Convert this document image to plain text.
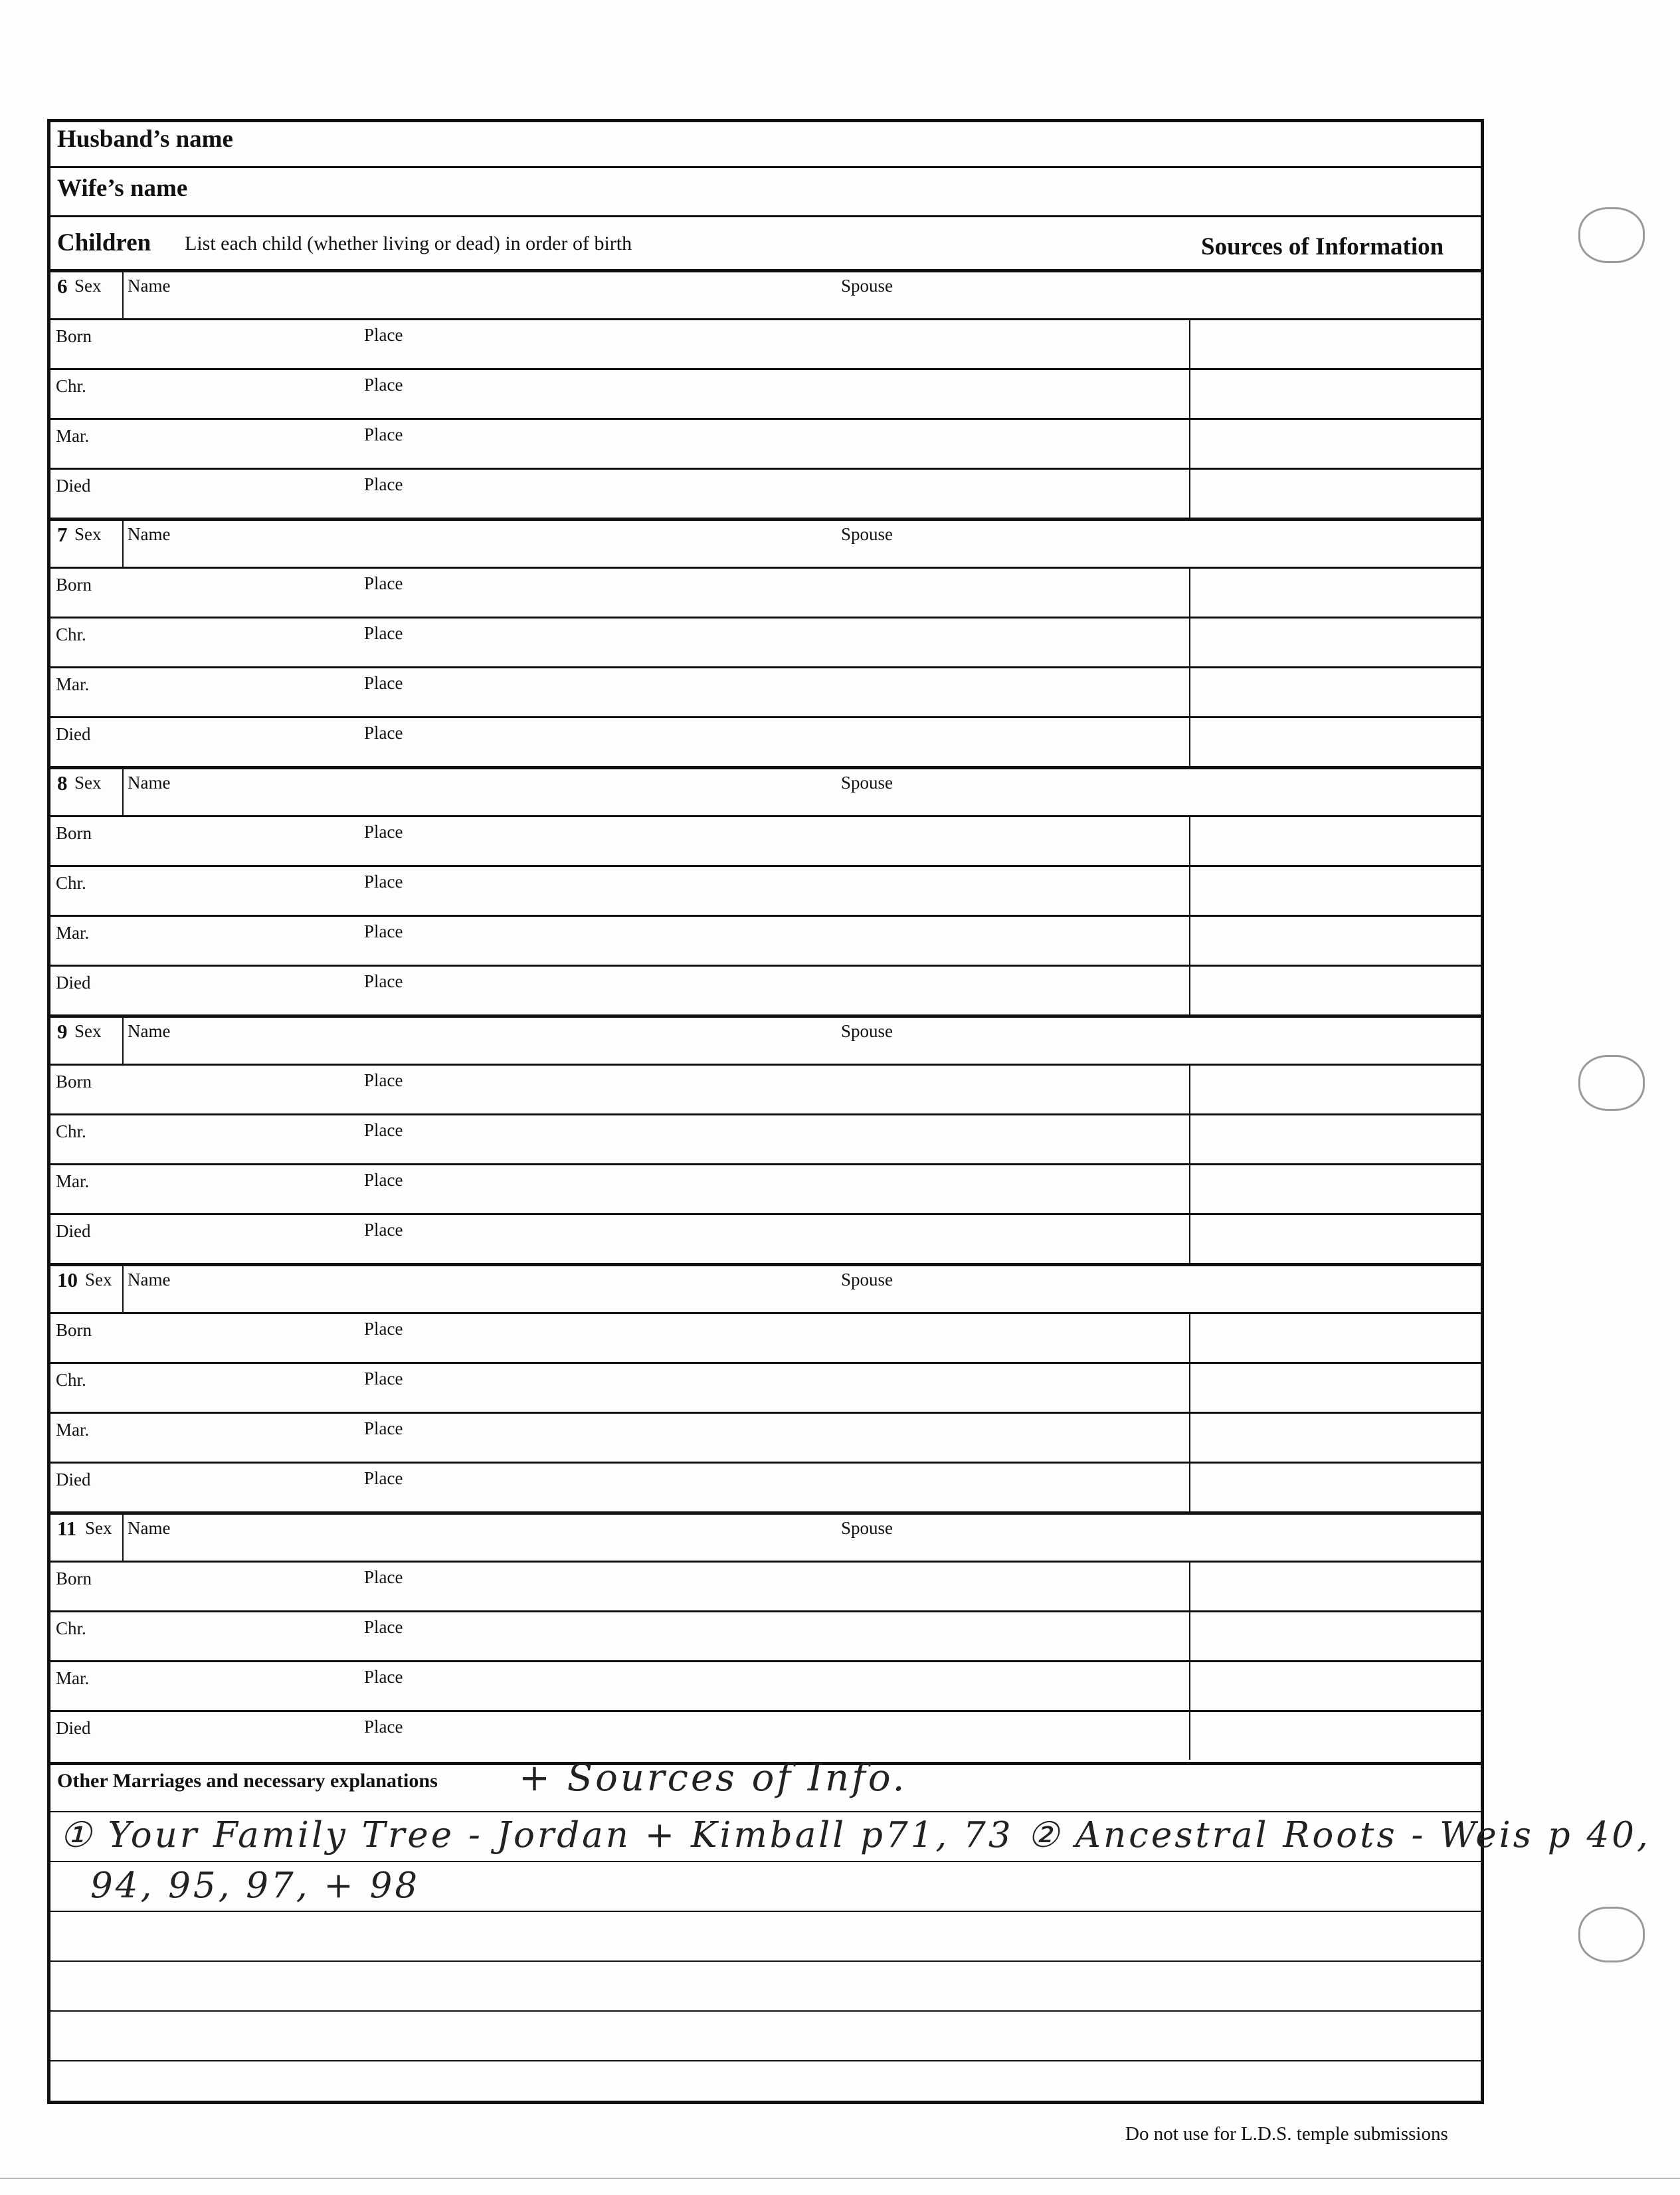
Husband’s name
Wife’s name
Children List each child (whether living or dead) in order of birth	Sources of Information
6 Sex Name	Spouse
Born	Place
Chr.	Place
Mar.	Place
Died	Place
7 Sex Name	Spouse
Born	Place
Chr.	Place
Mar.	Place
Died	Place
8 Sex Name	Spouse
Born	Place
Chr.	Place
Mar.	Place
Died	Place
9 Sex Name	Spouse
Born	Place
Chr.	Place
Mar.	Place
Died	Place
10 Sex Name	Spouse
Born	Place
Chr.	Place
Mar.	Place
Died	Place
11 Sex Name	Spouse
Born	Place
Chr.	Place
Mar.	Place
Died	Place
Other Marriages and necessary explanations + Sources of Info.
① Your Family Tree - Jordan + Kimball p71, 73 ② Ancestral Roots - Weis p 40,
94, 95, 97, + 98
Do not use for L.D.S. temple submissions
